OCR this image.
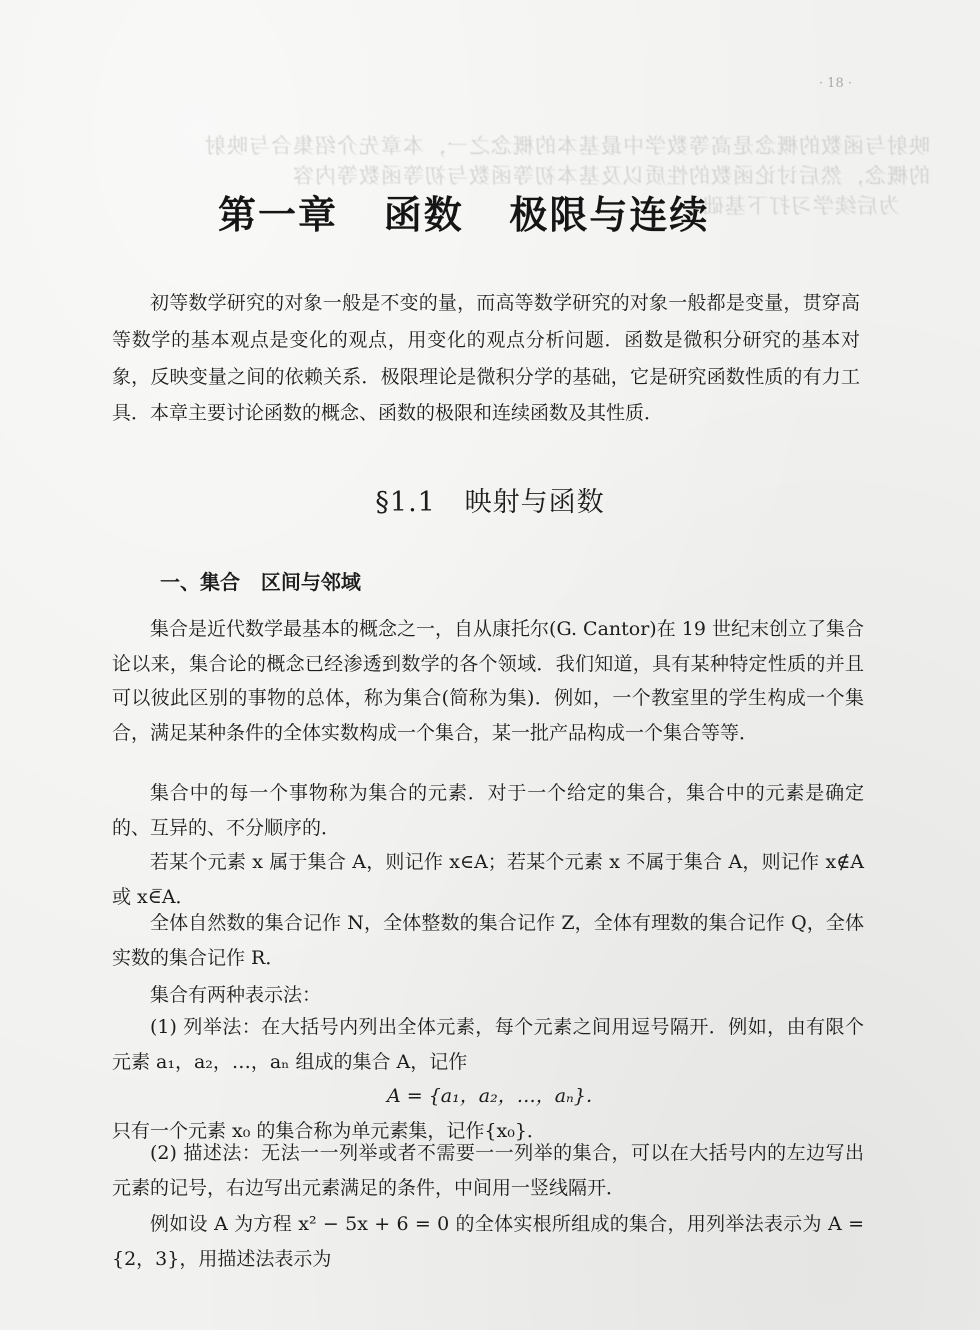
映射与函数的概念是高等数学中最基本的概念之一，本章先介绍集合与映射
的概念，然后讨论函数的性质以及基本初等函数与初等函数等内容
为后续学习打下基础
· 18 ·
第一章   函数   极限与连续

初等数学研究的对象一般是不变的量，而高等数学研究的对象一般都是变量，贯穿高等数学的基本观点是变化的观点，用变化的观点分析问题．函数是微积分研究的基本对象，反映变量之间的依赖关系．极限理论是微积分学的基础，它是研究函数性质的有力工具．本章主要讨论函数的概念、函数的极限和连续函数及其性质．

§1.1   映射与函数
一、集合   区间与邻域

集合是近代数学最基本的概念之一，自从康托尔(G. Cantor)在 19 世纪末创立了集合论以来，集合论的概念已经渗透到数学的各个领域．我们知道，具有某种特定性质的并且可以彼此区别的事物的总体，称为集合(简称为集)．例如，一个教室里的学生构成一个集合，满足某种条件的全体实数构成一个集合，某一批产品构成一个集合等等．

集合中的每一个事物称为集合的元素．对于一个给定的集合，集合中的元素是确定的、互异的、不分顺序的．

若某个元素 x 属于集合 A，则记作 x∈A；若某个元素 x 不属于集合 A，则记作 x∉A 或 x∈̅A．

全体自然数的集合记作 N，全体整数的集合记作 Z，全体有理数的集合记作 Q，全体实数的集合记作 R．

集合有两种表示法：

(1) 列举法：在大括号内列出全体元素，每个元素之间用逗号隔开．例如，由有限个元素 a₁，a₂，…，aₙ 组成的集合 A，记作

A = {a₁，a₂，…，aₙ}．

只有一个元素 x₀ 的集合称为单元素集，记作{x₀}．

(2) 描述法：无法一一列举或者不需要一一列举的集合，可以在大括号内的左边写出元素的记号，右边写出元素满足的条件，中间用一竖线隔开．

例如设 A 为方程 x² − 5x + 6 = 0 的全体实根所组成的集合，用列举法表示为 A = {2，3}，用描述法表示为
